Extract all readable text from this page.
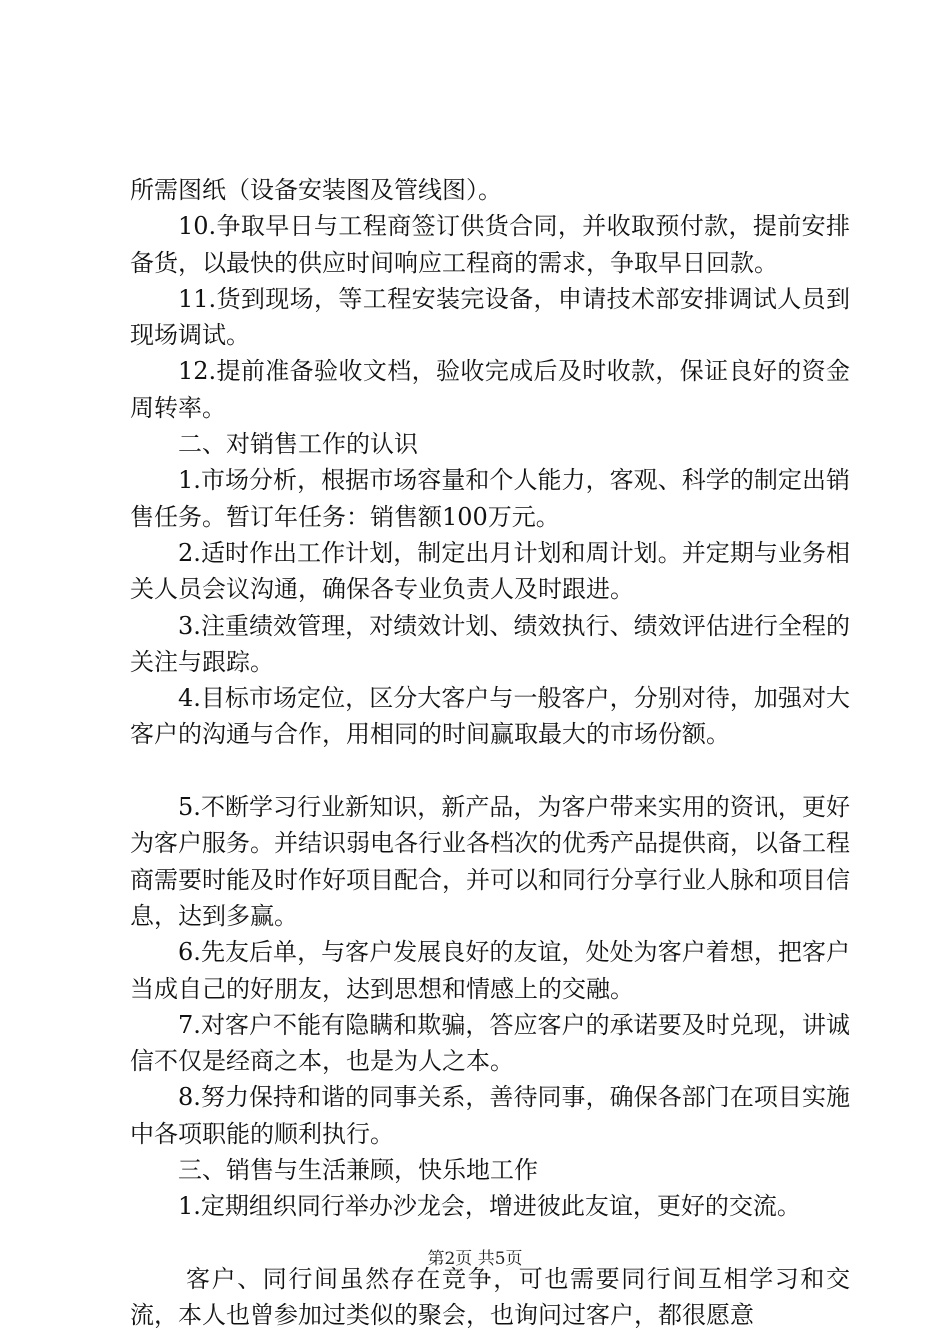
所需图纸（设备安装图及管线图）。

10.争取早日与工程商签订供货合同，并收取预付款，提前安排备货，以最快的供应时间响应工程商的需求，争取早日回款。

11.货到现场，等工程安装完设备，申请技术部安排调试人员到现场调试。

12.提前准备验收文档，验收完成后及时收款，保证良好的资金周转率。

二、对销售工作的认识

1.市场分析，根据市场容量和个人能力，客观、科学的制定出销售任务。暂订年任务：销售额100万元。

2.适时作出工作计划，制定出月计划和周计划。并定期与业务相关人员会议沟通，确保各专业负责人及时跟进。

3.注重绩效管理，对绩效计划、绩效执行、绩效评估进行全程的关注与跟踪。

4.目标市场定位，区分大客户与一般客户，分别对待，加强对大客户的沟通与合作，用相同的时间赢取最大的市场份额。

5.不断学习行业新知识，新产品，为客户带来实用的资讯，更好为客户服务。并结识弱电各行业各档次的优秀产品提供商，以备工程商需要时能及时作好项目配合，并可以和同行分享行业人脉和项目信息，达到多赢。

6.先友后单，与客户发展良好的友谊，处处为客户着想，把客户当成自己的好朋友，达到思想和情感上的交融。

7.对客户不能有隐瞒和欺骗，答应客户的承诺要及时兑现，讲诚信不仅是经商之本，也是为人之本。

8.努力保持和谐的同事关系，善待同事，确保各部门在项目实施中各项职能的顺利执行。

三、销售与生活兼顾，快乐地工作

1.定期组织同行举办沙龙会，增进彼此友谊，更好的交流。

客户、同行间虽然存在竞争，可也需要同行间互相学习和交流，本人也曾参加过类似的聚会，也询问过客户，都很愿意

第2页 共5页
